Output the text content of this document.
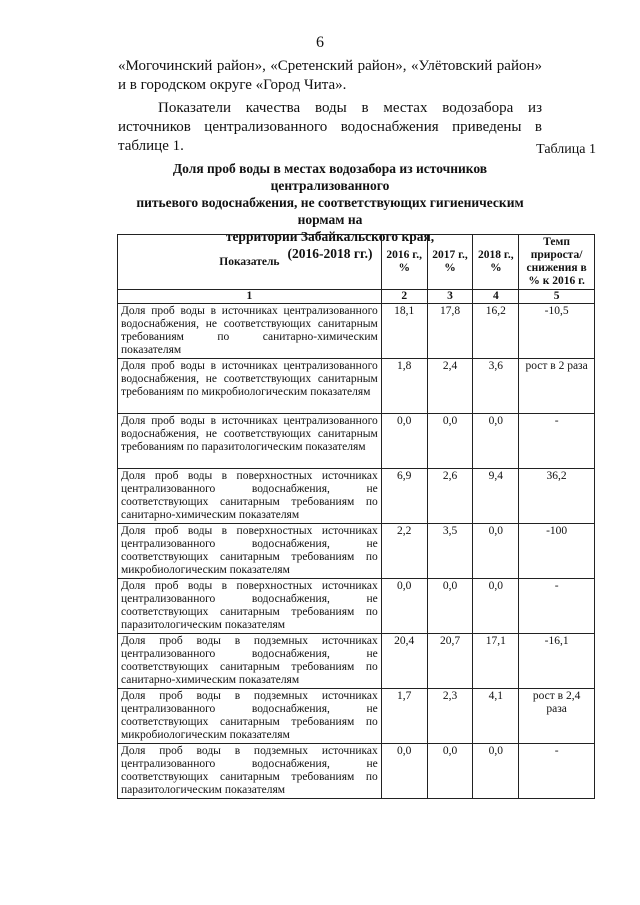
6
«Могочинский район», «Сретенский район», «Улётовский район» и в городском округе «Город Чита».
Показатели качества воды в местах водозабора из источников централизованного водоснабжения приведены в таблице 1.	Таблица 1
Доля проб воды в местах водозабора из источников централизованного
питьевого водоснабжения, не соответствующих гигиеническим нормам на
территории Забайкальского края,
(2016-2018 гг.)
Показатель	2016 г., %	2017 г., %	2018 г., %	Темп прироста/ снижения в % к 2016 г.
1	2	3	4	5
Доля проб воды в источниках централизованного водоснабжения, не соответствующих санитарным требованиям по санитарно-химическим показателям	18,1	17,8	16,2	-10,5
Доля проб воды в источниках централизованного водоснабжения, не соответствующих санитарным требованиям по микробиологическим показателям	1,8	2,4	3,6	рост в 2 раза
Доля проб воды в источниках централизованного водоснабжения, не соответствующих санитарным требованиям по паразитологическим показателям	0,0	0,0	0,0	-
Доля проб воды в поверхностных источниках централизованного водоснабжения, не соответствующих санитарным требованиям по санитарно-химическим показателям	6,9	2,6	9,4	36,2
Доля проб воды в поверхностных источниках централизованного водоснабжения, не соответствующих санитарным требованиям по микробиологическим показателям	2,2	3,5	0,0	-100
Доля проб воды в поверхностных источниках централизованного водоснабжения, не соответствующих санитарным требованиям по паразитологическим показателям	0,0	0,0	0,0	-
Доля проб воды в подземных источниках централизованного водоснабжения, не соответствующих санитарным требованиям по санитарно-химическим показателям	20,4	20,7	17,1	-16,1
Доля проб воды в подземных источниках централизованного водоснабжения, не соответствующих санитарным требованиям по микробиологическим показателям	1,7	2,3	4,1	рост в 2,4 раза
Доля проб воды в подземных источниках централизованного водоснабжения, не соответствующих санитарным требованиям по паразитологическим показателям	0,0	0,0	0,0	-
